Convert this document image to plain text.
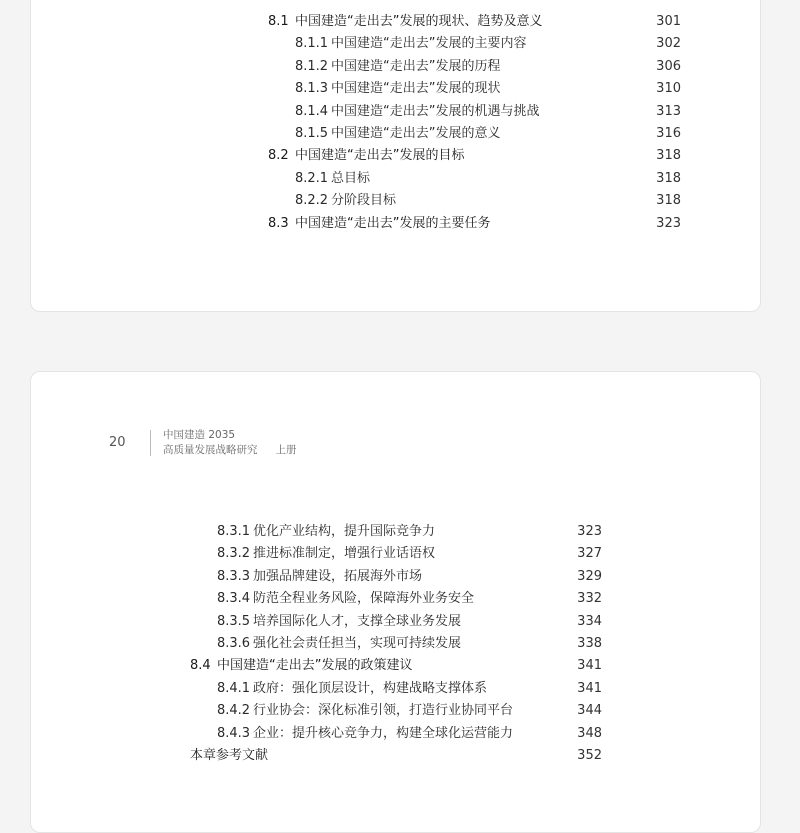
8.1 中国建造“走出去”发展的现状、趋势及意义	301
8.1.1 中国建造“走出去”发展的主要内容	302
8.1.2 中国建造“走出去”发展的历程	306
8.1.3 中国建造“走出去”发展的现状	310
8.1.4 中国建造“走出去”发展的机遇与挑战	313
8.1.5 中国建造“走出去”发展的意义	316
8.2 中国建造“走出去”发展的目标	318
8.2.1 总目标	318
8.2.2 分阶段目标	318
8.3 中国建造“走出去”发展的主要任务	323
20	中国建造 2035
高质量发展战略研究 上册
8.3.1 优化产业结构，提升国际竞争力	323
8.3.2 推进标准制定，增强行业话语权	327
8.3.3 加强品牌建设，拓展海外市场	329
8.3.4 防范全程业务风险，保障海外业务安全	332
8.3.5 培养国际化人才，支撑全球业务发展	334
8.3.6 强化社会责任担当，实现可持续发展	338
8.4 中国建造“走出去”发展的政策建议	341
8.4.1 政府：强化顶层设计，构建战略支撑体系	341
8.4.2 行业协会：深化标准引领，打造行业协同平台	344
8.4.3 企业：提升核心竞争力，构建全球化运营能力	348
本章参考文献	352
